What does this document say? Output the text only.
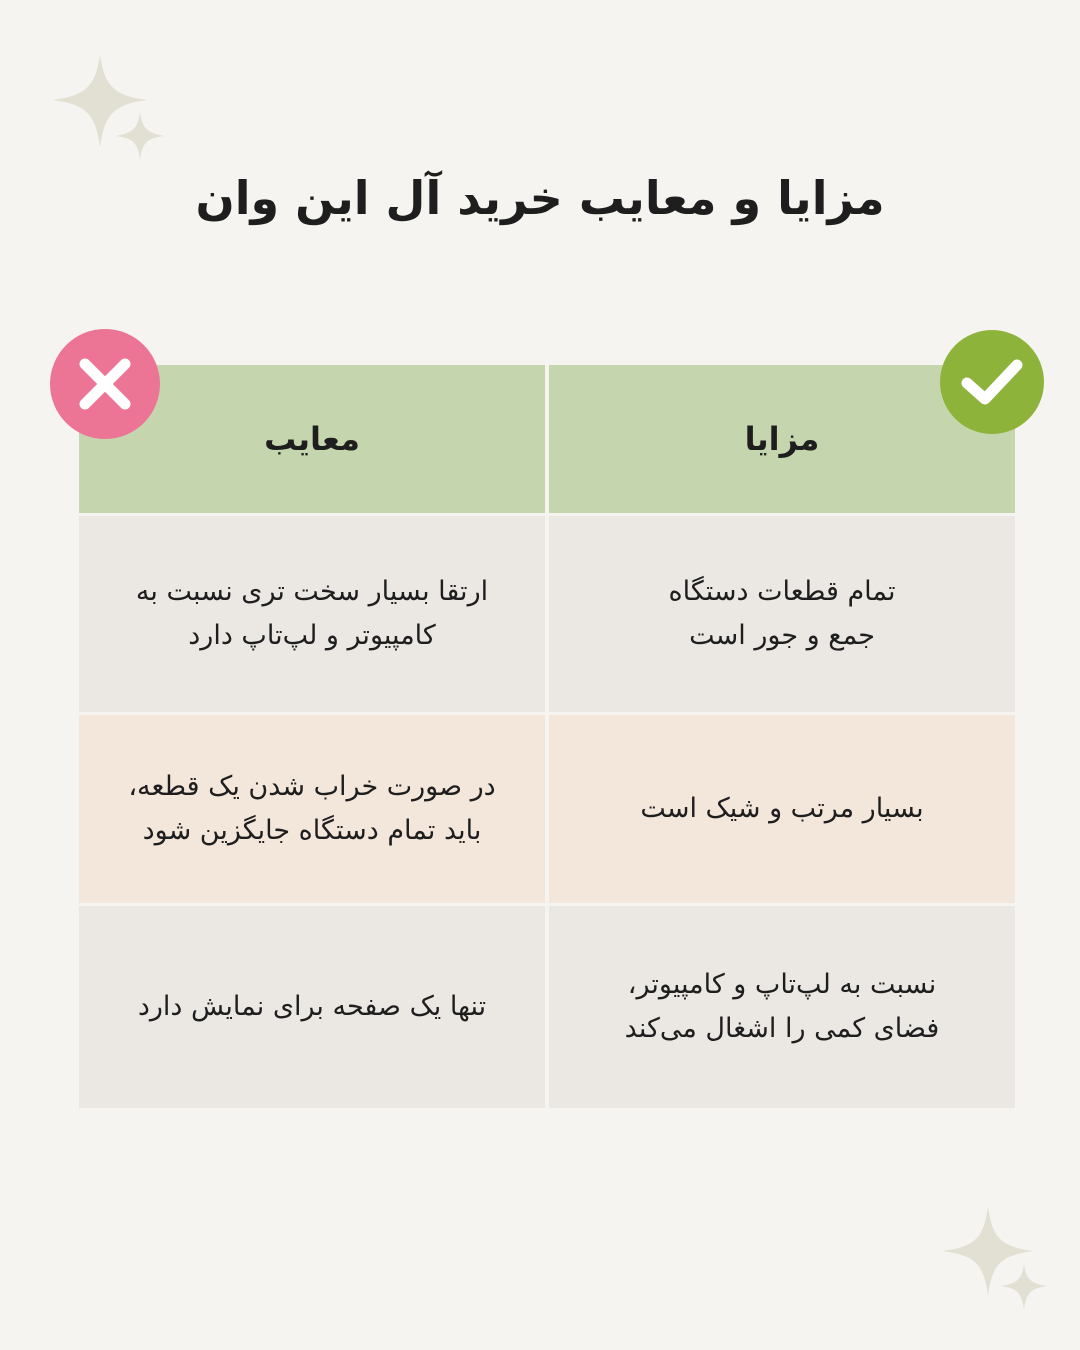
مزایا و معایب خرید آل این وان
مزایا
معایب
تمام قطعات دستگاه
جمع و جور است
ارتقا بسیار سخت تری نسبت به
کامپیوتر و لپ‌تاپ دارد
بسیار مرتب و شیک است
در صورت خراب شدن یک قطعه،
باید تمام دستگاه جایگزین شود
نسبت به لپ‌تاپ و کامپیوتر،
فضای کمی را اشغال می‌کند
تنها یک صفحه برای نمایش دارد
